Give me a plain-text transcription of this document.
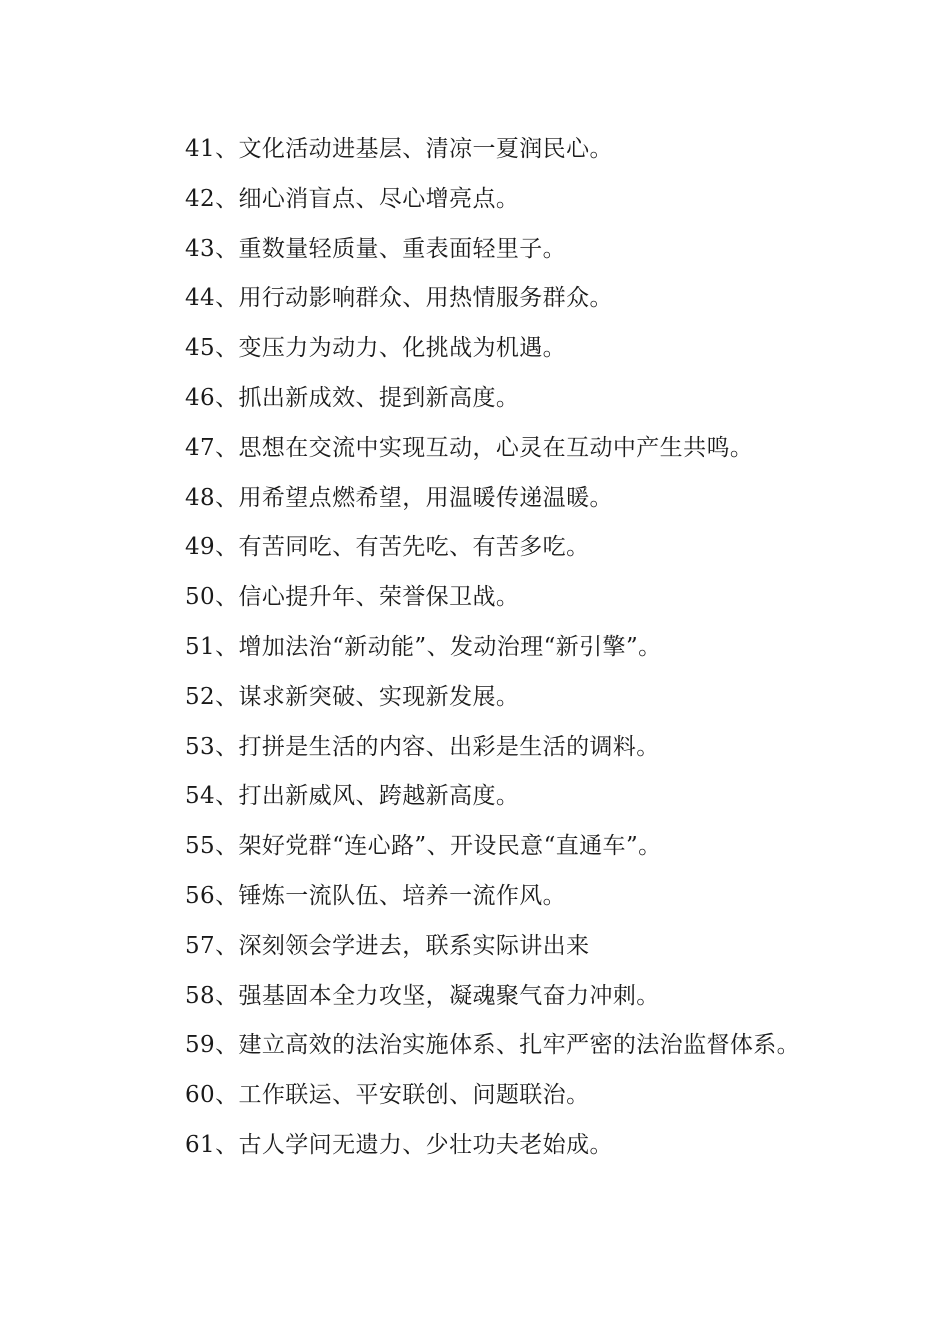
41、文化活动进基层、清凉一夏润民心。

42、细心消盲点、尽心增亮点。

43、重数量轻质量、重表面轻里子。

44、用行动影响群众、用热情服务群众。

45、变压力为动力、化挑战为机遇。

46、抓出新成效、提到新高度。

47、思想在交流中实现互动，心灵在互动中产生共鸣。

48、用希望点燃希望，用温暖传递温暖。

49、有苦同吃、有苦先吃、有苦多吃。

50、信心提升年、荣誉保卫战。

51、增加法治“新动能”、发动治理“新引擎”。

52、谋求新突破、实现新发展。

53、打拼是生活的内容、出彩是生活的调料。

54、打出新威风、跨越新高度。

55、架好党群“连心路”、开设民意“直通车”。

56、锤炼一流队伍、培养一流作风。

57、深刻领会学进去，联系实际讲出来

58、强基固本全力攻坚，凝魂聚气奋力冲刺。

59、建立高效的法治实施体系、扎牢严密的法治监督体系。

60、工作联运、平安联创、问题联治。

61、古人学问无遗力、少壮功夫老始成。
